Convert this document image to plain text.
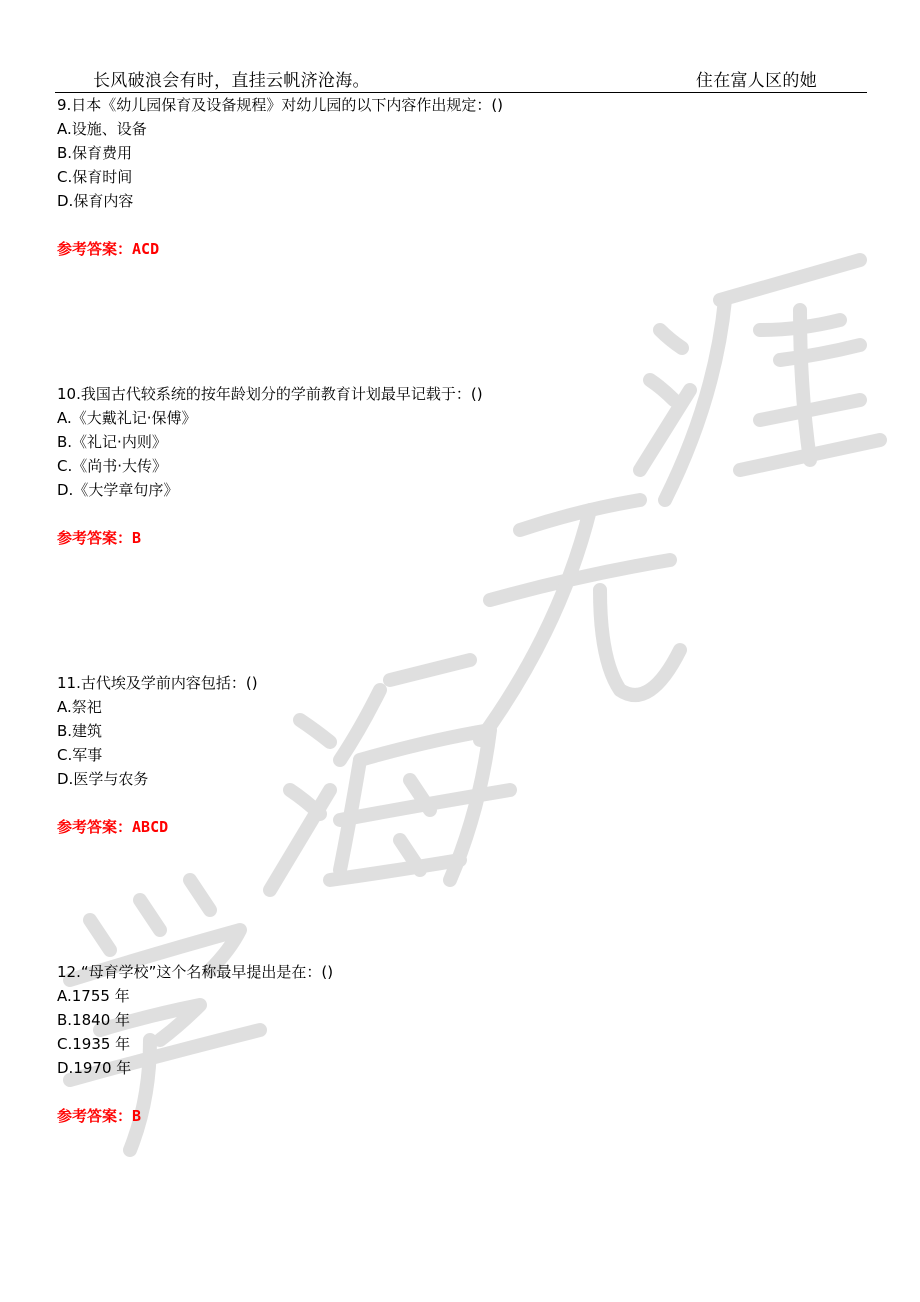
长风破浪会有时，直挂云帆济沧海。	住在富人区的她
9.日本《幼儿园保育及设备规程》对幼儿园的以下内容作出规定：()
A.设施、设备
B.保育费用
C.保育时间
D.保育内容
参考答案：ACD
10.我国古代较系统的按年龄划分的学前教育计划最早记载于：()
A.《大戴礼记·保傅》
B.《礼记·内则》
C.《尚书·大传》
D.《大学章句序》
参考答案：B
11.古代埃及学前内容包括：()
A.祭祀
B.建筑
C.军事
D.医学与农务
参考答案：ABCD
12.“母育学校”这个名称最早提出是在：()
A.1755 年
B.1840 年
C.1935 年
D.1970 年
参考答案：B
